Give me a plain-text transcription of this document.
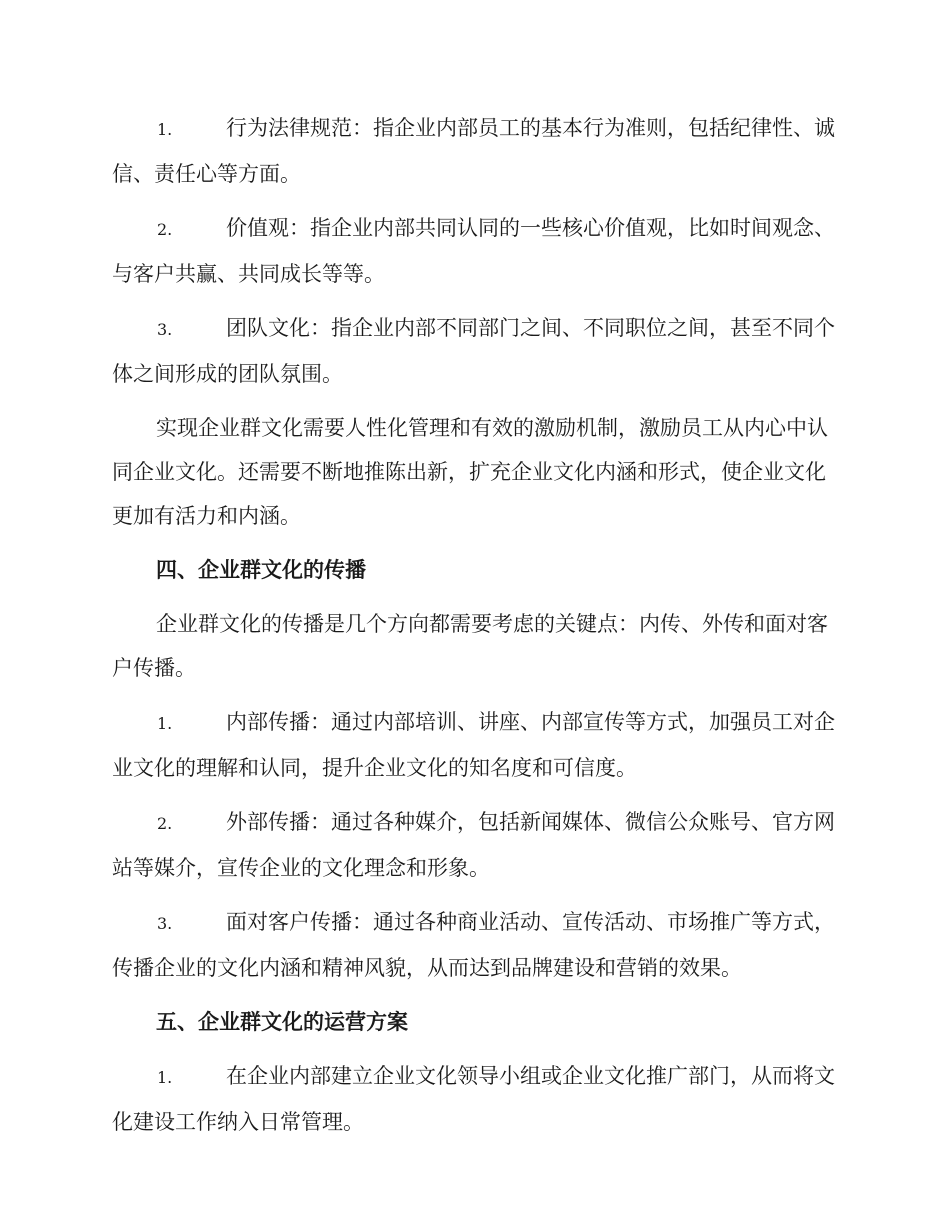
1.	行为法律规范：指企业内部员工的基本行为准则，包括纪律性、诚信、责任心等方面。

2.	价值观：指企业内部共同认同的一些核心价值观，比如时间观念、与客户共赢、共同成长等等。

3.	团队文化：指企业内部不同部门之间、不同职位之间，甚至不同个体之间形成的团队氛围。

实现企业群文化需要人性化管理和有效的激励机制，激励员工从内心中认同企业文化。还需要不断地推陈出新，扩充企业文化内涵和形式，使企业文化更加有活力和内涵。

四、企业群文化的传播

企业群文化的传播是几个方向都需要考虑的关键点：内传、外传和面对客户传播。

1.	内部传播：通过内部培训、讲座、内部宣传等方式，加强员工对企业文化的理解和认同，提升企业文化的知名度和可信度。

2.	外部传播：通过各种媒介，包括新闻媒体、微信公众账号、官方网站等媒介，宣传企业的文化理念和形象。

3.	面对客户传播：通过各种商业活动、宣传活动、市场推广等方式，传播企业的文化内涵和精神风貌，从而达到品牌建设和营销的效果。

五、企业群文化的运营方案

1.	在企业内部建立企业文化领导小组或企业文化推广部门，从而将文化建设工作纳入日常管理。
